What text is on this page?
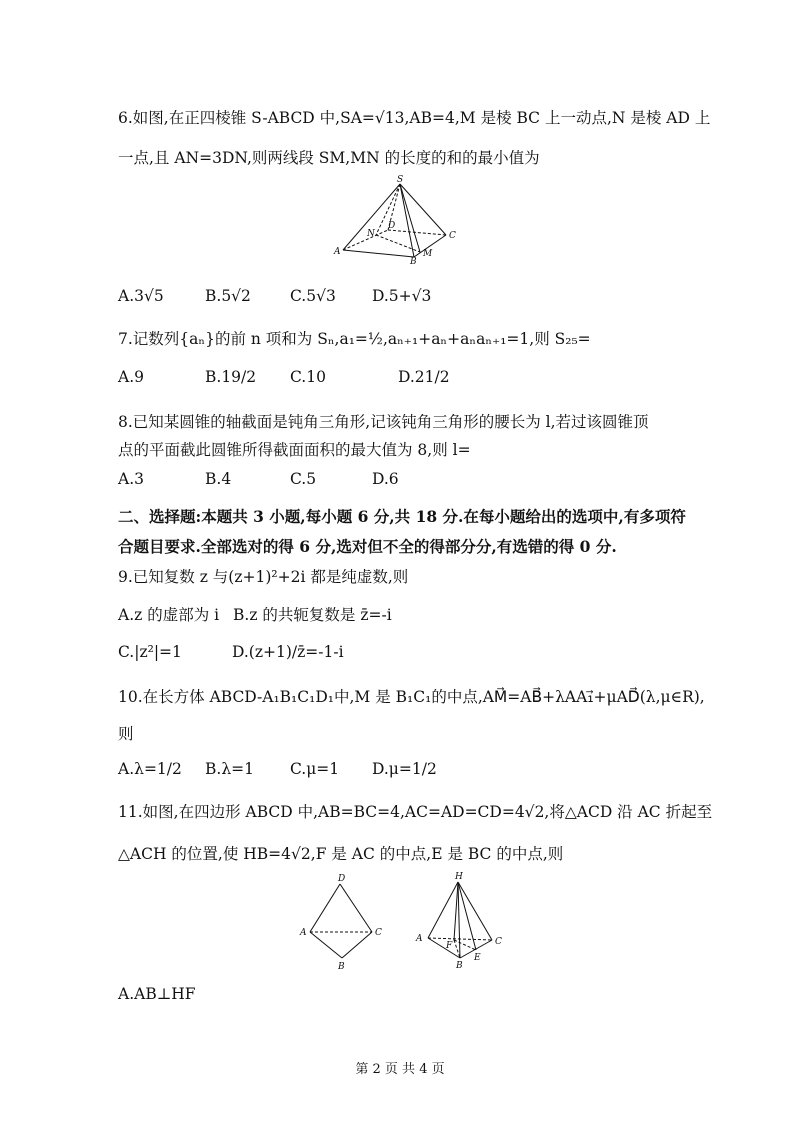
6.如图,在正四棱锥 S-ABCD 中,SA=√13,AB=4,M 是棱 BC 上一动点,N 是棱 AD 上
一点,且 AN=3DN,则两线段 SM,MN 的长度的和的最小值为
S
D
N	C
A
B
M
A.3√5	B.5√2	C.5√3 D.5+√3
7.记数列{aₙ}的前 n 项和为 Sₙ,a₁=½,aₙ₊₁+aₙ+aₙaₙ₊₁=1,则 S₂₅=
A.9	B.19/2 C.10	D.21/2
8.已知某圆锥的轴截面是钝角三角形,记该钝角三角形的腰长为 l,若过该圆锥顶
点的平面截此圆锥所得截面面积的最大值为 8,则 l=
A.3	B.4	C.5	D.6
二、选择题:本题共 3 小题,每小题 6 分,共 18 分.在每小题给出的选项中,有多项符
合题目要求.全部选对的得 6 分,选对但不全的得部分分,有选错的得 0 分.
9.已知复数 z 与(z+1)²+2i 都是纯虚数,则
A.z 的虚部为 i B.z 的共轭复数是 z̄=-i
C.|z²|=1	D.(z+1)/z̄=-1-i
10.在长方体 ABCD-A₁B₁C₁D₁中,M 是 B₁C₁的中点,AM⃗=AB⃗+λAA₁⃗+μAD⃗(λ,μ∈R),
则
A.λ=1/2 B.λ=1 C.μ=1 D.μ=1/2
11.如图,在四边形 ABCD 中,AB=BC=4,AC=AD=CD=4√2,将△ACD 沿 AC 折起至
△ACH 的位置,使 HB=4√2,F 是 AC 的中点,E 是 BC 的中点,则
D
A	C
B
H
A	C
F
E
B
A.AB⊥HF
第 2 页 共 4 页
